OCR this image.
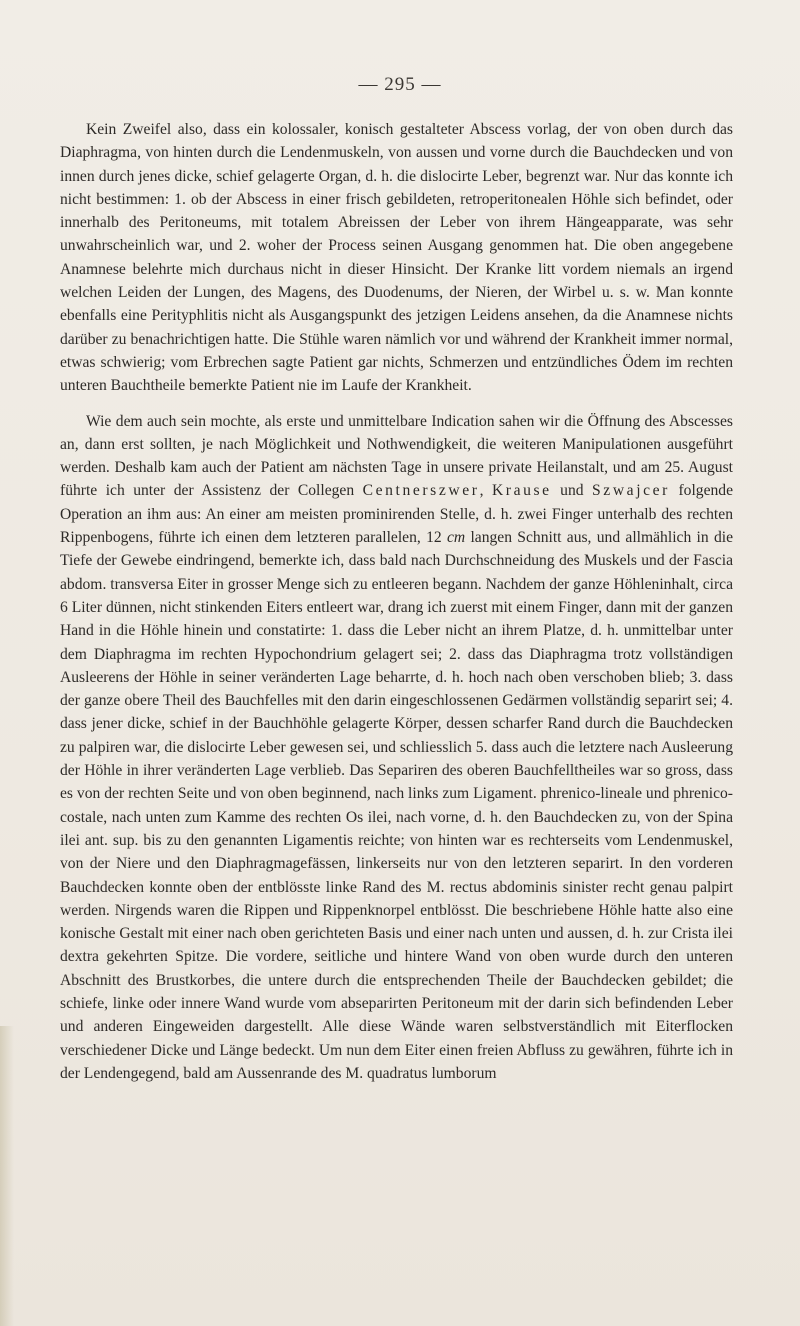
— 295 —

Kein Zweifel also, dass ein kolossaler, konisch gestalteter Abscess vorlag, der von oben durch das Diaphragma, von hinten durch die Lendenmuskeln, von aussen und vorne durch die Bauchdecken und von innen durch jenes dicke, schief gelagerte Organ, d. h. die dislocirte Leber, begrenzt war. Nur das konnte ich nicht bestimmen: 1. ob der Abscess in einer frisch gebildeten, retroperitonealen Höhle sich befindet, oder innerhalb des Peritoneums, mit totalem Abreissen der Leber von ihrem Hängeapparate, was sehr unwahrscheinlich war, und 2. woher der Process seinen Ausgang genommen hat. Die oben angegebene Anamnese belehrte mich durchaus nicht in dieser Hinsicht. Der Kranke litt vordem niemals an irgend welchen Leiden der Lungen, des Magens, des Duodenums, der Nieren, der Wirbel u. s. w. Man konnte ebenfalls eine Perityphlitis nicht als Ausgangspunkt des jetzigen Leidens ansehen, da die Anamnese nichts darüber zu benachrichtigen hatte. Die Stühle waren nämlich vor und während der Krankheit immer normal, etwas schwierig; vom Erbrechen sagte Patient gar nichts, Schmerzen und entzündliches Ödem im rechten unteren Bauchtheile bemerkte Patient nie im Laufe der Krankheit.

Wie dem auch sein mochte, als erste und unmittelbare Indication sahen wir die Öffnung des Abscesses an, dann erst sollten, je nach Möglichkeit und Nothwendigkeit, die weiteren Manipulationen ausgeführt werden. Deshalb kam auch der Patient am nächsten Tage in unsere private Heilanstalt, und am 25. August führte ich unter der Assistenz der Collegen Centnerszwer, Krause und Szwajcer folgende Operation an ihm aus: An einer am meisten prominirenden Stelle, d. h. zwei Finger unterhalb des rechten Rippenbogens, führte ich einen dem letzteren parallelen, 12 cm langen Schnitt aus, und allmählich in die Tiefe der Gewebe eindringend, bemerkte ich, dass bald nach Durchschneidung des Muskels und der Fascia abdom. transversa Eiter in grosser Menge sich zu entleeren begann. Nachdem der ganze Höhleninhalt, circa 6 Liter dünnen, nicht stinkenden Eiters entleert war, drang ich zuerst mit einem Finger, dann mit der ganzen Hand in die Höhle hinein und constatirte: 1. dass die Leber nicht an ihrem Platze, d. h. unmittelbar unter dem Diaphragma im rechten Hypochondrium gelagert sei; 2. dass das Diaphragma trotz vollständigen Ausleerens der Höhle in seiner veränderten Lage beharrte, d. h. hoch nach oben verschoben blieb; 3. dass der ganze obere Theil des Bauchfelles mit den darin eingeschlossenen Gedärmen vollständig separirt sei; 4. dass jener dicke, schief in der Bauchhöhle gelagerte Körper, dessen scharfer Rand durch die Bauchdecken zu palpiren war, die dislocirte Leber gewesen sei, und schliesslich 5. dass auch die letztere nach Ausleerung der Höhle in ihrer veränderten Lage verblieb. Das Separiren des oberen Bauchfelltheiles war so gross, dass es von der rechten Seite und von oben beginnend, nach links zum Ligament. phrenico-lineale und phrenico-costale, nach unten zum Kamme des rechten Os ilei, nach vorne, d. h. den Bauchdecken zu, von der Spina ilei ant. sup. bis zu den genannten Ligamentis reichte; von hinten war es rechterseits vom Lendenmuskel, von der Niere und den Diaphragmagefässen, linkerseits nur von den letzteren separirt. In den vorderen Bauchdecken konnte oben der entblösste linke Rand des M. rectus abdominis sinister recht genau palpirt werden. Nirgends waren die Rippen und Rippenknorpel entblösst. Die beschriebene Höhle hatte also eine konische Gestalt mit einer nach oben gerichteten Basis und einer nach unten und aussen, d. h. zur Crista ilei dextra gekehrten Spitze. Die vordere, seitliche und hintere Wand von oben wurde durch den unteren Abschnitt des Brustkorbes, die untere durch die entsprechenden Theile der Bauchdecken gebildet; die schiefe, linke oder innere Wand wurde vom abseparirten Peritoneum mit der darin sich befindenden Leber und anderen Eingeweiden dargestellt. Alle diese Wände waren selbstverständlich mit Eiterflocken verschiedener Dicke und Länge bedeckt. Um nun dem Eiter einen freien Abfluss zu gewähren, führte ich in der Lendengegend, bald am Aussenrande des M. quadratus lumborum
